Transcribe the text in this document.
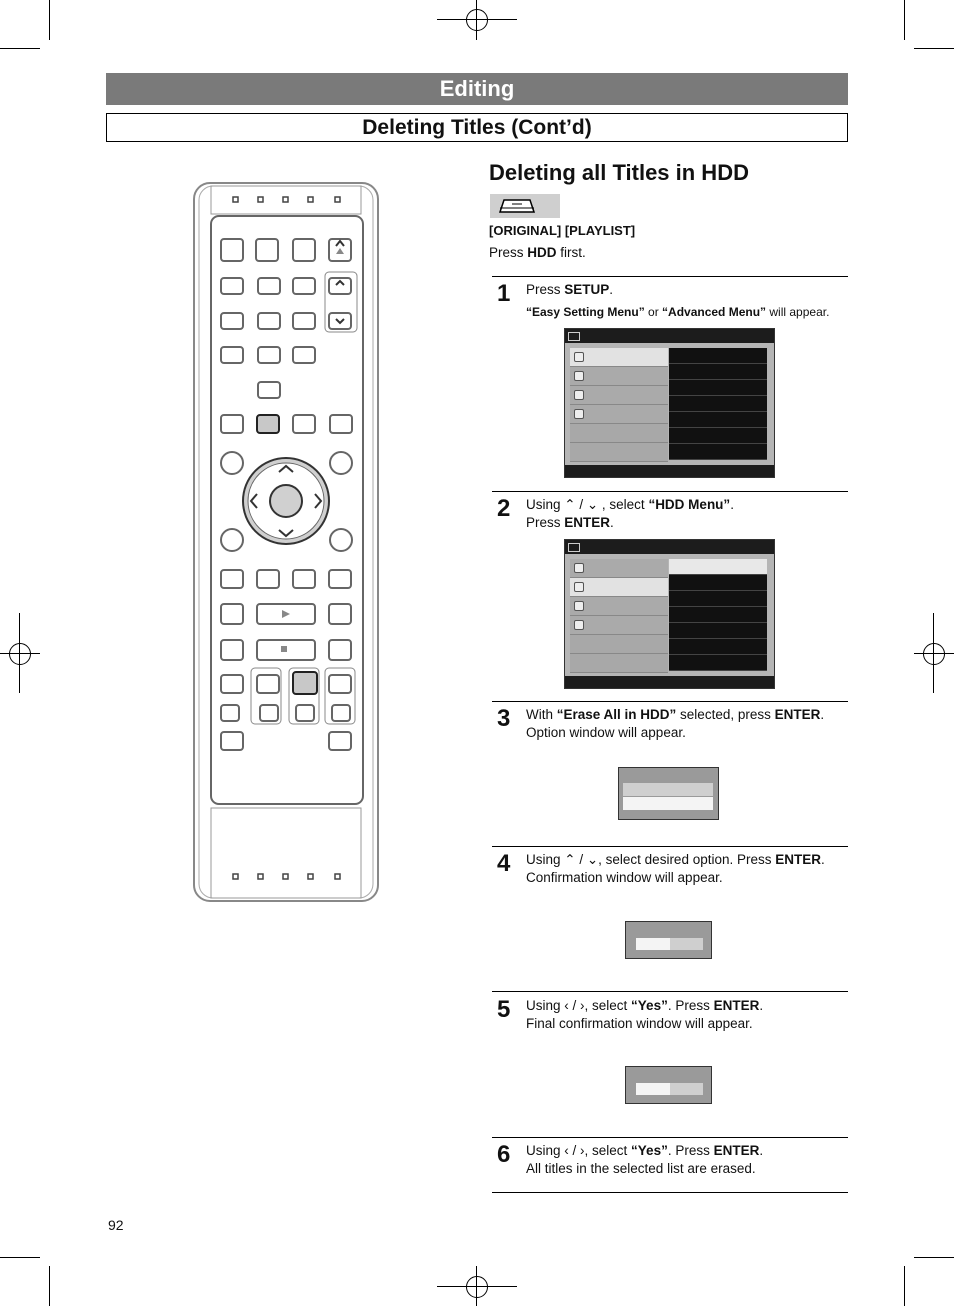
Editing
Deleting Titles (Cont’d)
Deleting all Titles in HDD
[ORIGINAL] [PLAYLIST]
Press HDD first.
1 Press SETUP.
“Easy Setting Menu” or “Advanced Menu” will appear.
2 Using ⌃ / ⌄ , select “HDD Menu”.
Press ENTER.
3 With “Erase All in HDD” selected, press ENTER.
Option window will appear.
4 Using ⌃ / ⌄, select desired option. Press ENTER.
Confirmation window will appear.
5 Using ‹ / ›, select “Yes”. Press ENTER.
Final confirmation window will appear.
6 Using ‹ / ›, select “Yes”. Press ENTER.
All titles in the selected list are erased.
92
